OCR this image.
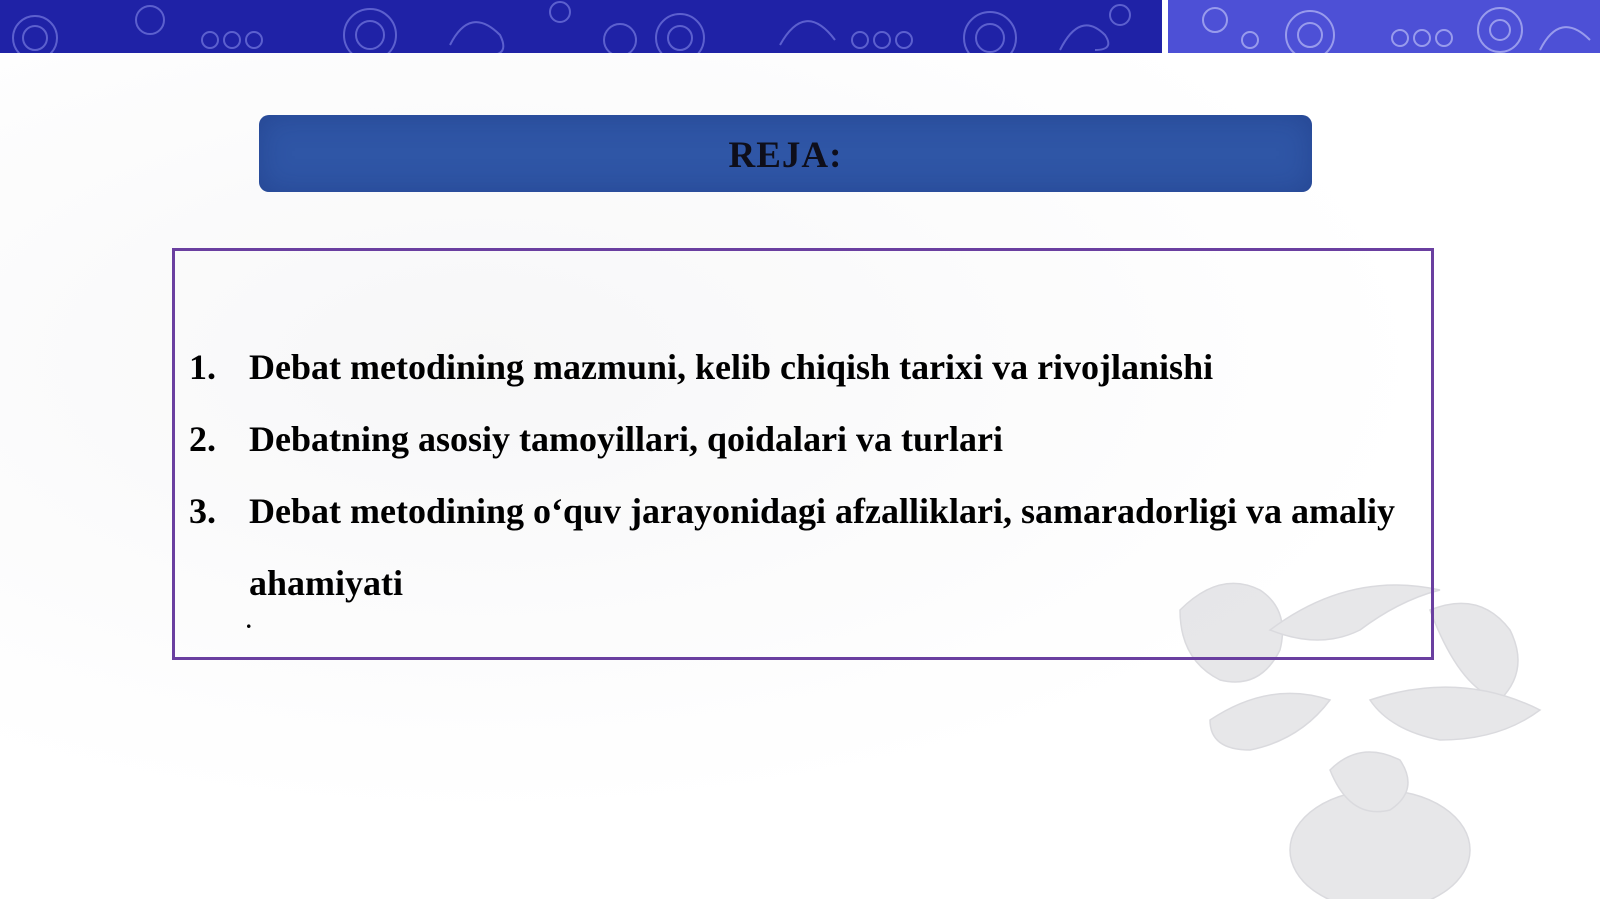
REJA:
1. Debat metodining mazmuni, kelib chiqish tarixi va rivojlanishi
2. Debatning asosiy tamoyillari, qoidalari va turlari
3. Debat metodining o‘quv jarayonidagi afzalliklari, samaradorligi va amaliy ahamiyati
.
